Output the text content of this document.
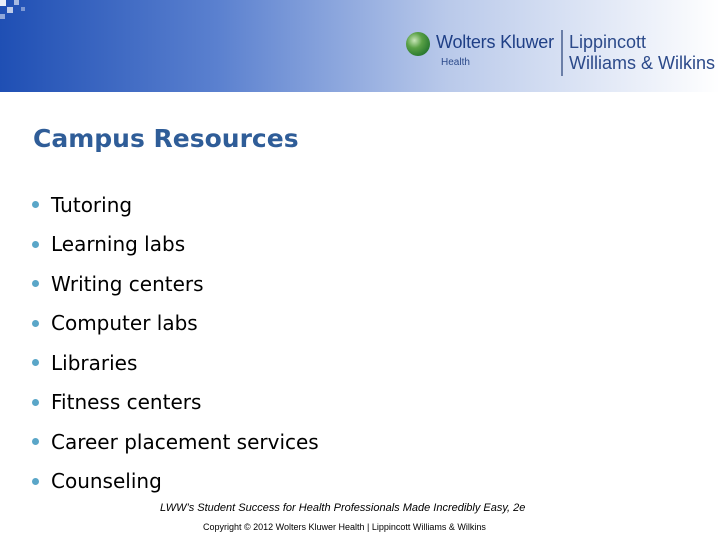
Wolters Kluwer
Health
Lippincott
Williams & Wilkins
Campus Resources
Tutoring
Learning labs
Writing centers
Computer labs
Libraries
Fitness centers
Career placement services
Counseling
LWW’s Student Success for Health Professionals Made Incredibly Easy, 2e
Copyright © 2012 Wolters Kluwer Health | Lippincott Williams & Wilkins
